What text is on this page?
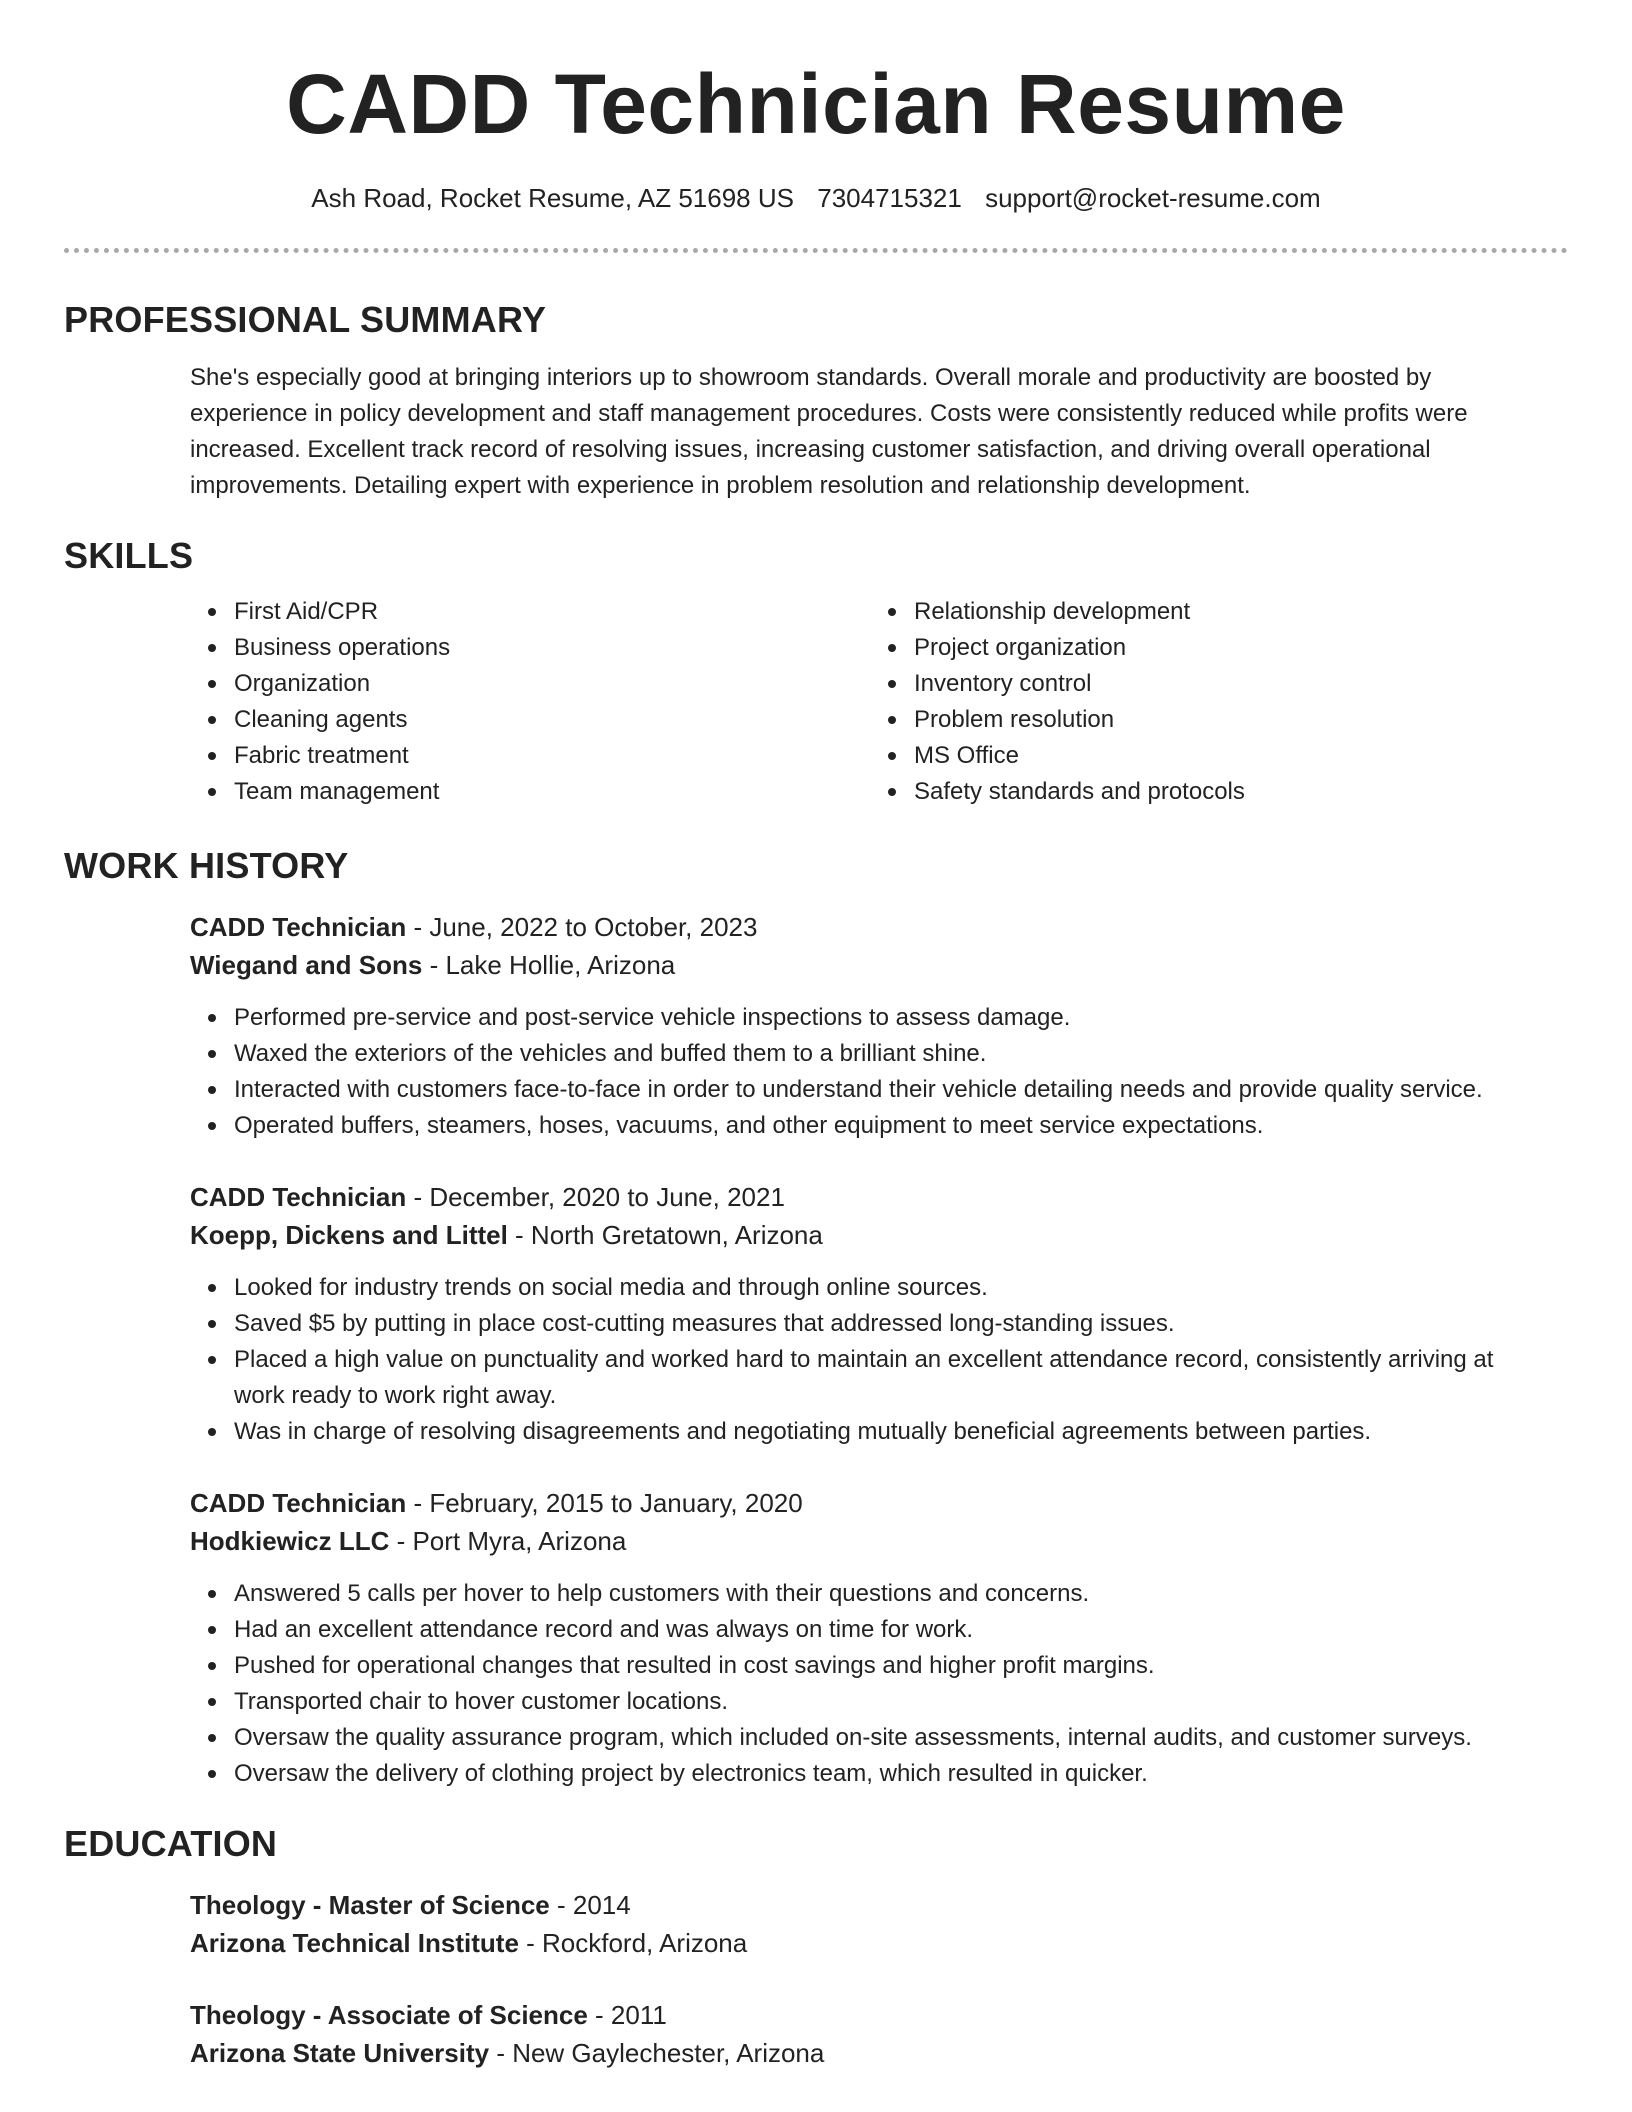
CADD Technician Resume
Ash Road, Rocket Resume, AZ 51698 US 7304715321 support@rocket-resume.com
PROFESSIONAL SUMMARY

She's especially good at bringing interiors up to showroom standards. Overall morale and productivity are boosted by experience in policy development and staff management procedures. Costs were consistently reduced while profits were increased. Excellent track record of resolving issues, increasing customer satisfaction, and driving overall operational improvements. Detailing expert with experience in problem resolution and relationship development.

SKILLS
First Aid/CPR
Business operations
Organization
Cleaning agents
Fabric treatment
Team management
Relationship development
Project organization
Inventory control
Problem resolution
MS Office
Safety standards and protocols
WORK HISTORY
CADD Technician - June, 2022 to October, 2023
Wiegand and Sons - Lake Hollie, Arizona
Performed pre-service and post-service vehicle inspections to assess damage.
Waxed the exteriors of the vehicles and buffed them to a brilliant shine.
Interacted with customers face-to-face in order to understand their vehicle detailing needs and provide quality service.
Operated buffers, steamers, hoses, vacuums, and other equipment to meet service expectations.
CADD Technician - December, 2020 to June, 2021
Koepp, Dickens and Littel - North Gretatown, Arizona
Looked for industry trends on social media and through online sources.
Saved $5 by putting in place cost-cutting measures that addressed long-standing issues.
Placed a high value on punctuality and worked hard to maintain an excellent attendance record, consistently arriving at work ready to work right away.
Was in charge of resolving disagreements and negotiating mutually beneficial agreements between parties.
CADD Technician - February, 2015 to January, 2020
Hodkiewicz LLC - Port Myra, Arizona
Answered 5 calls per hover to help customers with their questions and concerns.
Had an excellent attendance record and was always on time for work.
Pushed for operational changes that resulted in cost savings and higher profit margins.
Transported chair to hover customer locations.
Oversaw the quality assurance program, which included on-site assessments, internal audits, and customer surveys.
Oversaw the delivery of clothing project by electronics team, which resulted in quicker.
EDUCATION
Theology - Master of Science - 2014
Arizona Technical Institute - Rockford, Arizona
Theology - Associate of Science - 2011
Arizona State University - New Gaylechester, Arizona
